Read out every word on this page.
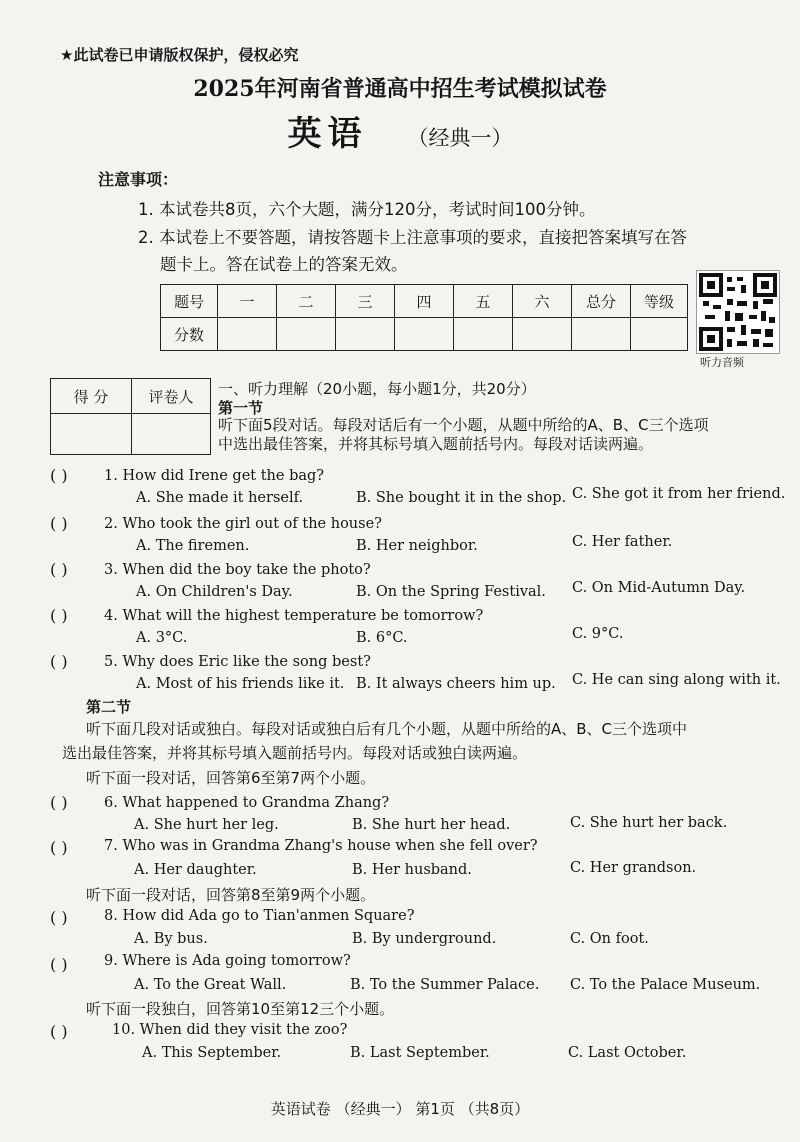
★此试卷已申请版权保护，侵权必究
2025年河南省普通高中招生考试模拟试卷
英语 （经典一）
注意事项：
1. 本试卷共8页，六个大题，满分120分，考试时间100分钟。
2. 本试卷上不要答题，请按答题卡上注意事项的要求，直接把答案填写在答
题卡上。答在试卷上的答案无效。
题号	一	二	三	四	五	六	总分	等级
分数								
听力音频
得 分	评卷人
	一、听力理解（20小题，每小题1分，共20分）
第一节
听下面5段对话。每段对话后有一个小题，从题中所给的A、B、C三个选项
中选出最佳答案，并将其标号填入题前括号内。每段对话读两遍。
( )	1. How did Irene get the bag?
A. She made it herself.	B. She bought it in the shop. C. She got it from her friend.
( )	2. Who took the girl out of the house?
A. The firemen.	B. Her neighbor.	C. Her father.
( )	3. When did the boy take the photo?
A. On Children's Day.	B. On the Spring Festival. C. On Mid-Autumn Day.
( )	4. What will the highest temperature be tomorrow?
A. 3°C.	B. 6°C.	C. 9°C.
( )	5. Why does Eric like the song best?
A. Most of his friends like it. B. It always cheers him up. C. He can sing along with it.
第二节
听下面几段对话或独白。每段对话或独白后有几个小题，从题中所给的A、B、C三个选项中
选出最佳答案，并将其标号填入题前括号内。每段对话或独白读两遍。
听下面一段对话，回答第6至第7两个小题。
( )	6. What happened to Grandma Zhang?
A. She hurt her leg.	B. She hurt her head.	C. She hurt her back.
( )	7. Who was in Grandma Zhang's house when she fell over?
A. Her daughter.	B. Her husband.	C. Her grandson.
听下面一段对话，回答第8至第9两个小题。
( )	8. How did Ada go to Tian'anmen Square?
A. By bus.	B. By underground.	C. On foot.
( )	9. Where is Ada going tomorrow?
A. To the Great Wall.	B. To the Summer Palace. C. To the Palace Museum.
听下面一段独白，回答第10至第12三个小题。
( )	10. When did they visit the zoo?
A. This September.	B. Last September.	C. Last October.
英语试卷 （经典一） 第1页 （共8页）
